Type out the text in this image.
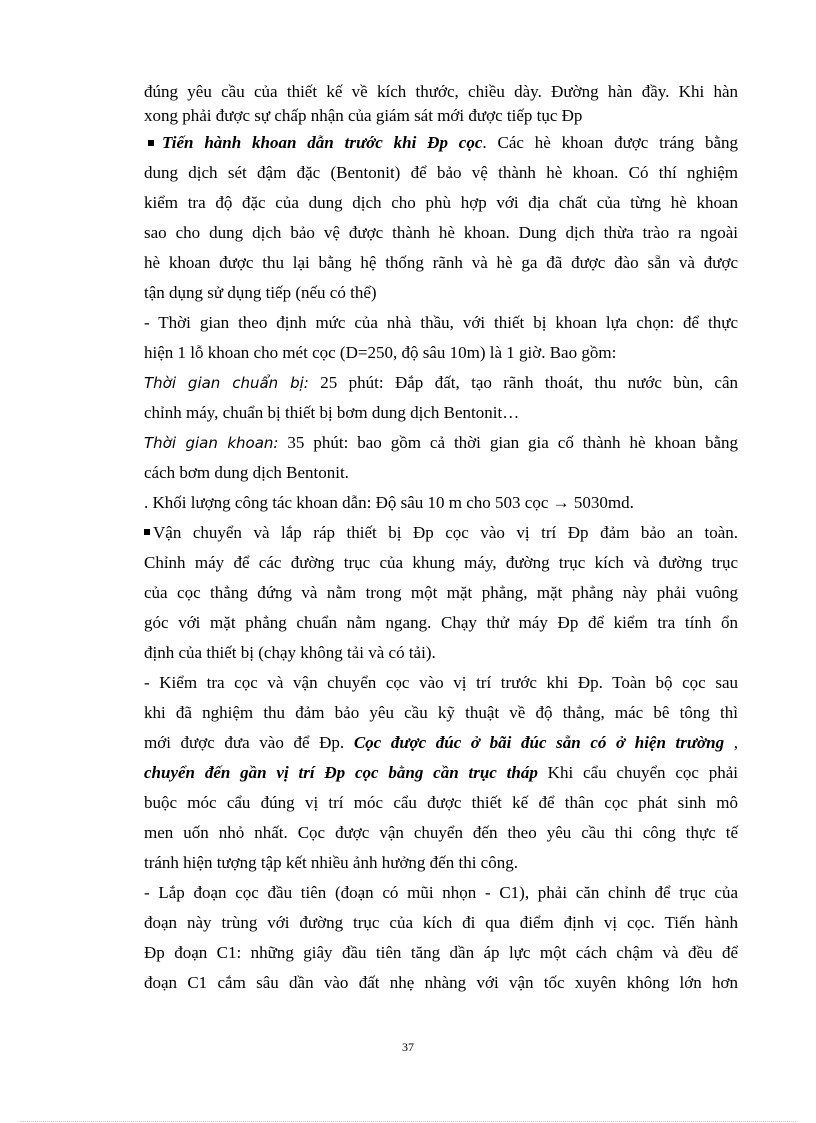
đúng yêu cầu của thiết kế về kích thước, chiều dày. Đường hàn đầy. Khi hàn
xong phải được sự chấp nhận của giám sát mới được tiếp tục Đp
Tiến hành khoan dẫn trước khi Đp cọc. Các hè khoan được tráng bằng
dung dịch sét đậm đặc (Bentonit) để bảo vệ thành hè khoan. Có thí nghiệm
kiểm tra độ đặc của dung dịch cho phù hợp với địa chất của từng hè khoan
sao cho dung dịch bảo vệ được thành hè khoan. Dung dịch thừa trào ra ngoài
hè khoan được thu lại bằng hệ thống rãnh và hè ga đã được đào sẵn và được
tận dụng sử dụng tiếp (nếu có thể)
- Thời gian theo định mức của nhà thầu, với thiết bị khoan lựa chọn: để thực
hiện 1 lỗ khoan cho mét cọc (D=250, độ sâu 10m) là 1 giờ. Bao gồm:
Thời gian chuẩn bị: 25 phút: Đắp đất, tạo rãnh thoát, thu nước bùn, cân
chỉnh máy, chuẩn bị thiết bị bơm dung dịch Bentonit…
Thời gian khoan: 35 phút: bao gồm cả thời gian gia cố thành hè khoan bằng
cách bơm dung dịch Bentonit.
. Khối lượng công tác khoan dẫn: Độ sâu 10 m cho 503 cọc → 5030md.
Vận chuyển và lắp ráp thiết bị Đp cọc vào vị trí Đp đảm bảo an toàn.
Chỉnh máy để các đường trục của khung máy, đường trục kích và đường trục
của cọc thẳng đứng và nằm trong một mặt phẳng, mặt phẳng này phải vuông
góc với mặt phẳng chuẩn nằm ngang. Chạy thử máy Đp để kiểm tra tính ổn
định của thiết bị (chạy không tải và có tải).
- Kiểm tra cọc và vận chuyển cọc vào vị trí trước khi Đp. Toàn bộ cọc sau
khi đã nghiệm thu đảm bảo yêu cầu kỹ thuật về độ thẳng, mác bê tông thì
mới được đưa vào để Đp. Cọc được đúc ở bãi đúc sẵn có ở hiện trường ,
chuyển đến gần vị trí Đp cọc bằng cần trục tháp Khi cẩu chuyển cọc phải
buộc móc cẩu đúng vị trí móc cẩu được thiết kế để thân cọc phát sinh mô
men uốn nhỏ nhất. Cọc được vận chuyển đến theo yêu cầu thi công thực tế
tránh hiện tượng tập kết nhiều ảnh hưởng đến thi công.
- Lắp đoạn cọc đầu tiên (đoạn có mũi nhọn - C1), phải căn chỉnh để trục của
đoạn này trùng với đường trục của kích đi qua điểm định vị cọc. Tiến hành
Đp đoạn C1: những giây đầu tiên tăng dần áp lực một cách chậm và đều để
đoạn C1 cắm sâu dần vào đất nhẹ nhàng với vận tốc xuyên không lớn hơn
37
